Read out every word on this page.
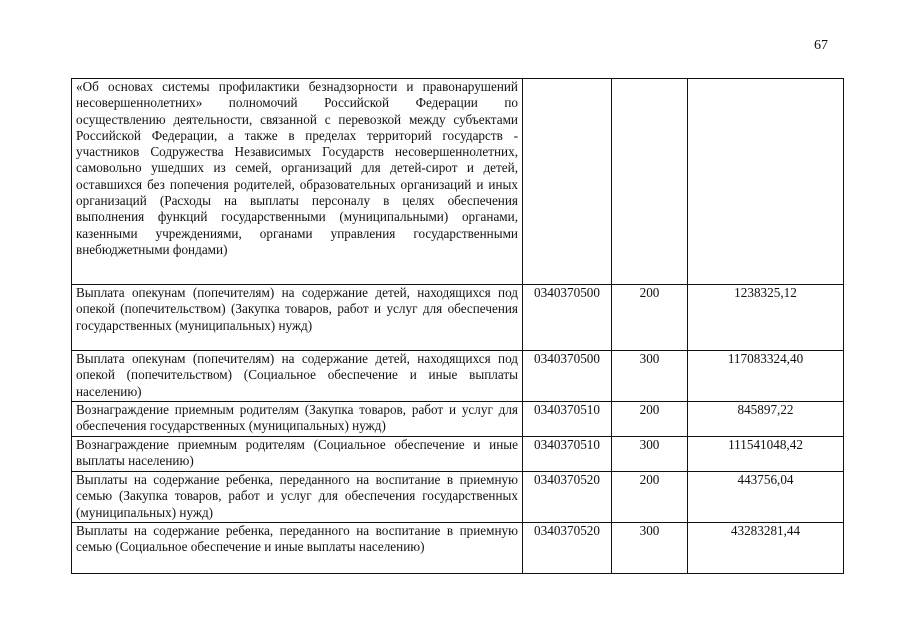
67
«Об основах системы профилактики безнадзорности и правонарушений несовершеннолетних» полномочий Российской Федерации по осуществлению деятельности, связанной с перевозкой между субъектами Российской Федерации, а также в пределах территорий государств - участников Содружества Независимых Государств несовершеннолетних, самовольно ушедших из семей, организаций для детей-сирот и детей, оставшихся без попечения родителей, образовательных организаций и иных организаций (Расходы на выплаты персоналу в целях обеспечения выполнения функций государственными (муниципальными) органами, казенными учреждениями, органами управления государственными внебюджетными фондами)			
Выплата опекунам (попечителям) на содержание детей, находящихся под опекой (попечительством) (Закупка товаров, работ и услуг для обеспечения государственных (муниципальных) нужд)	0340370500	200	1238325,12
Выплата опекунам (попечителям) на содержание детей, находящихся под опекой (попечительством) (Социальное обеспечение и иные выплаты населению)	0340370500	300	117083324,40
Вознаграждение приемным родителям (Закупка товаров, работ и услуг для обеспечения государственных (муниципальных) нужд)	0340370510	200	845897,22
Вознаграждение приемным родителям (Социальное обеспечение и иные выплаты населению)	0340370510	300	111541048,42
Выплаты на содержание ребенка, переданного на воспитание в приемную семью (Закупка товаров, работ и услуг для обеспечения государственных (муниципальных) нужд)	0340370520	200	443756,04
Выплаты на содержание ребенка, переданного на воспитание в приемную семью (Социальное обеспечение и иные выплаты населению)	0340370520	300	43283281,44
